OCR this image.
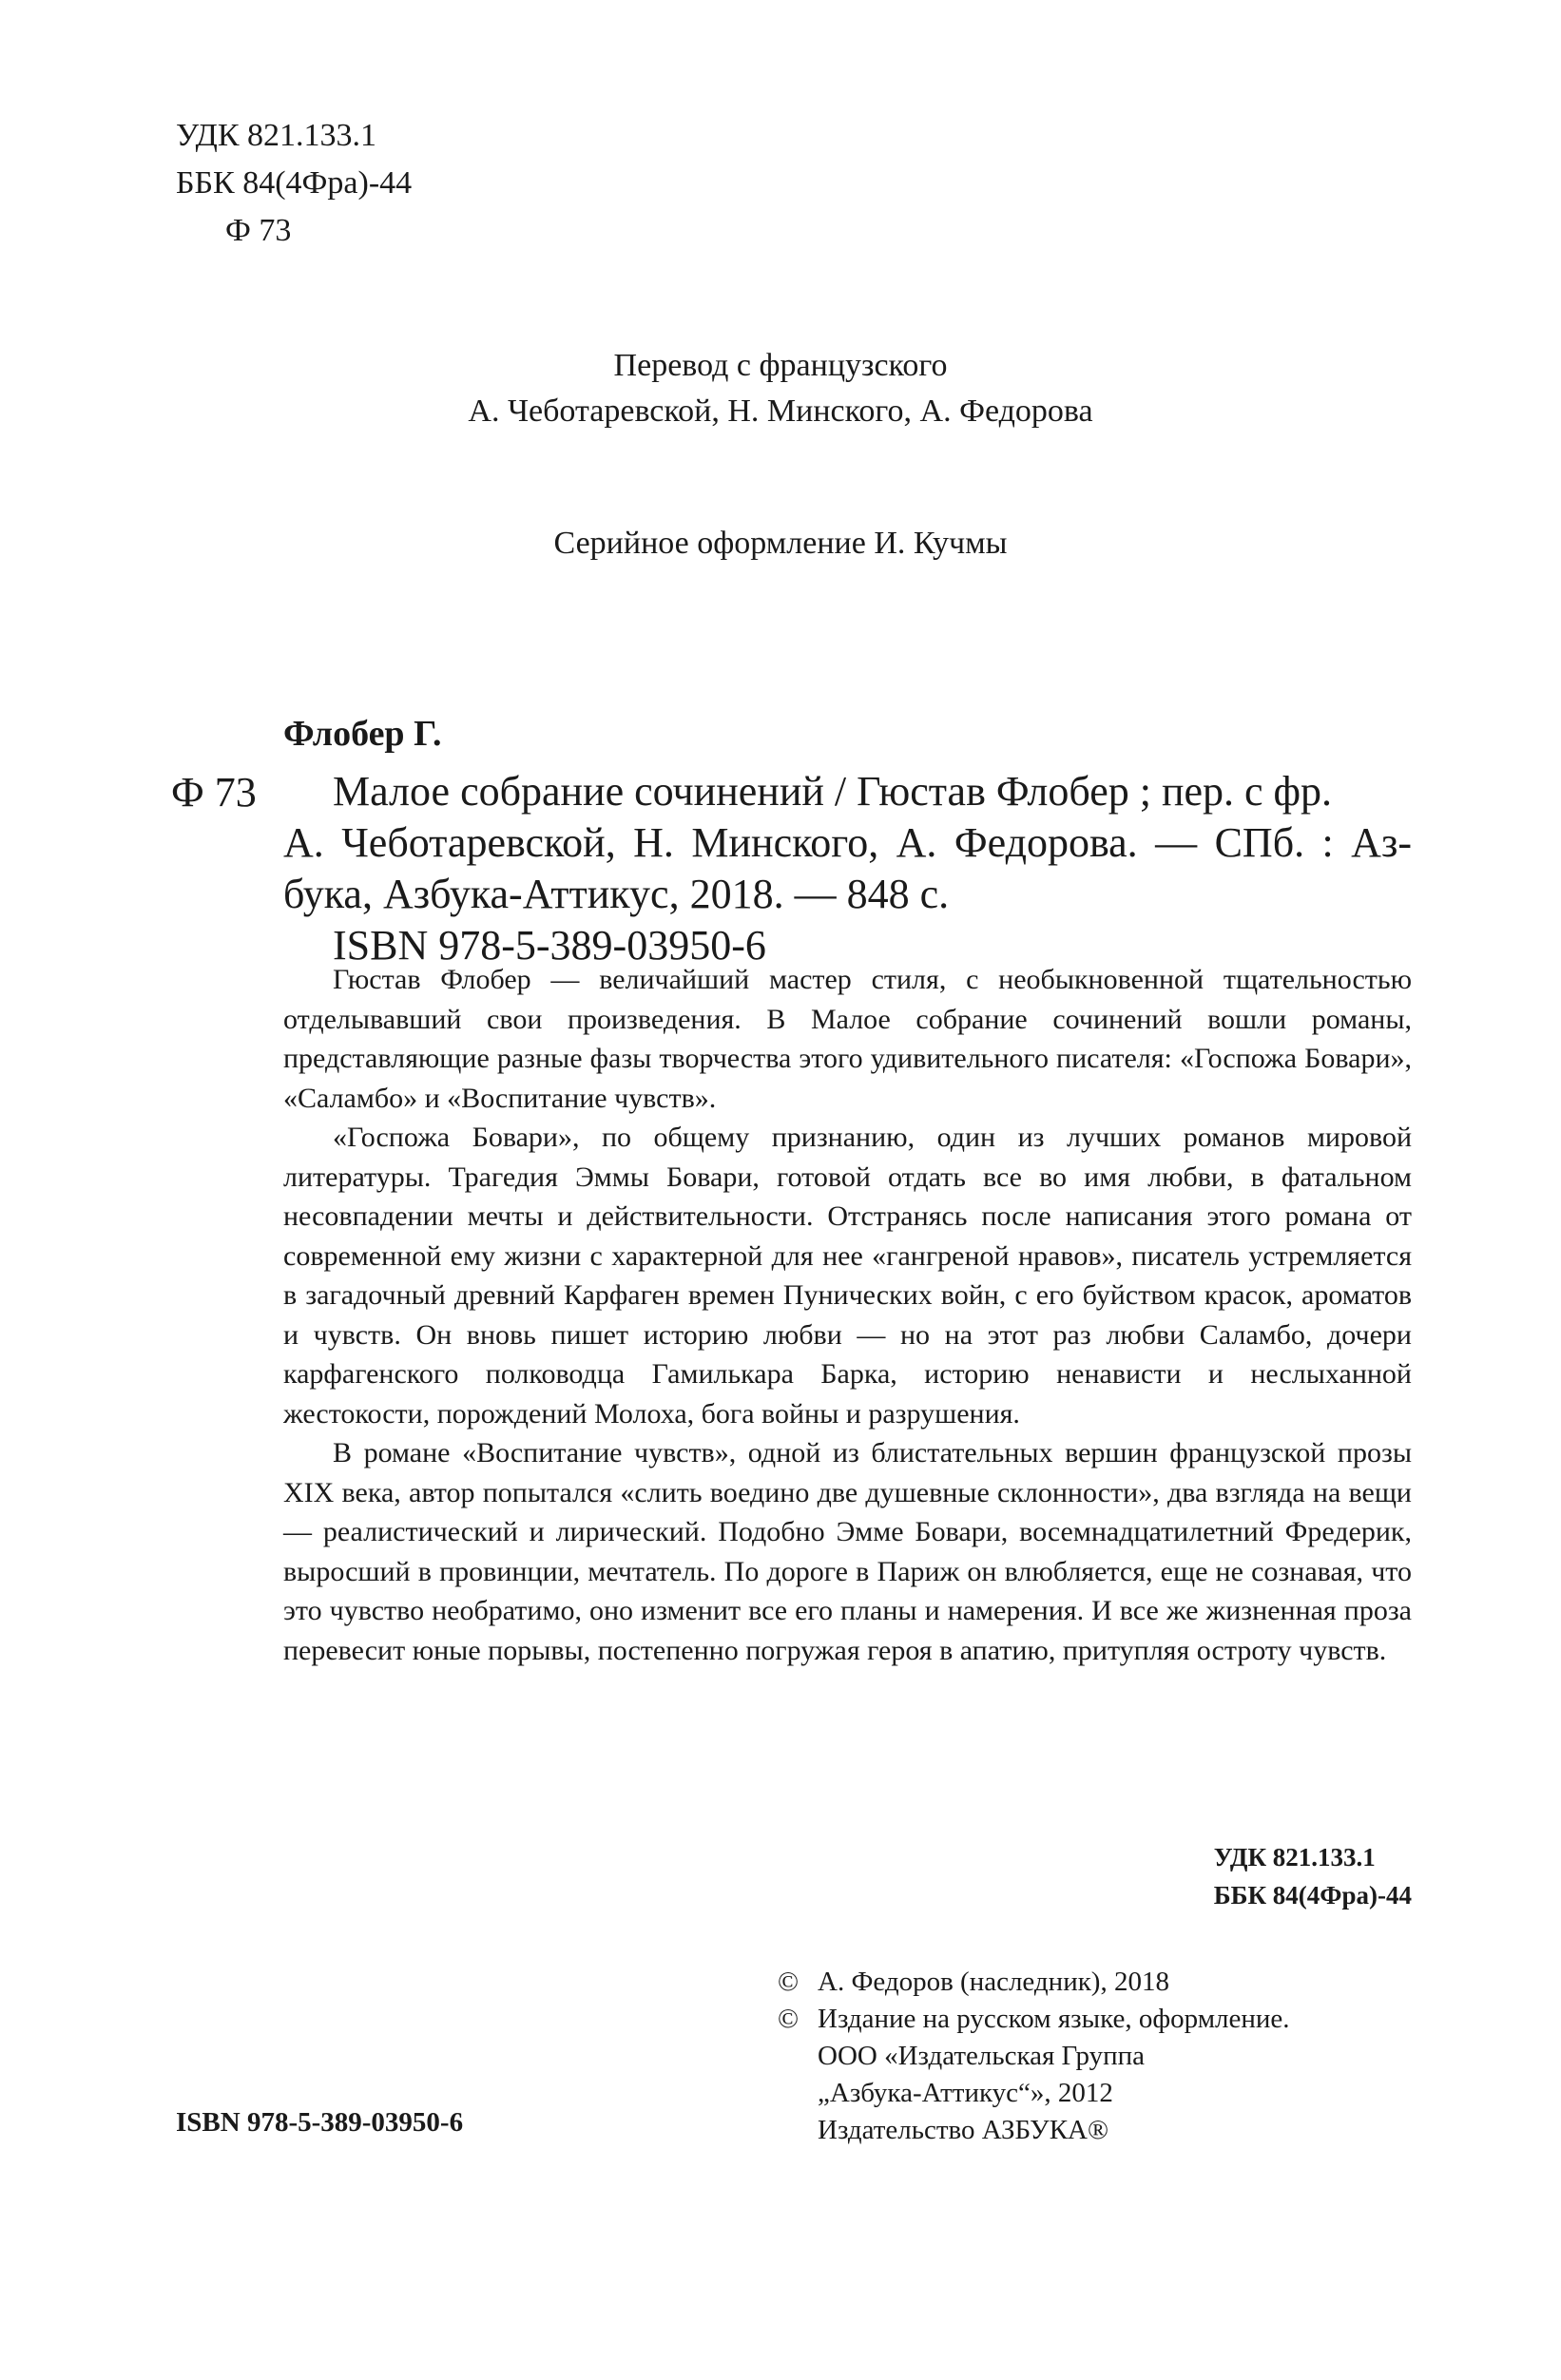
УДК 821.133.1
ББК 84(4Фра)-44
Ф 73
Перевод с французского
А. Чеботаревской, Н. Минского, А. Федорова
Серийное оформление И. Кучмы
Флобер Г.
Ф 73 Малое собрание сочинений / Гюстав Флобер ; пер. с фр.

А. Чеботаревской, Н. Минского, А. Федорова. — СПб. : Аз- бука, Азбука-Аттикус, 2018. — 848 с.
ISBN 978-5-389-03950-6

Гюстав Флобер — величайший мастер стиля, с необыкновенной тщательностью отделывавший свои произведения. В Малое собрание сочинений вошли романы, представляющие разные фазы творчества этого удивительного писателя: «Госпожа Бовари», «Саламбо» и «Воспитание чувств».

«Госпожа Бовари», по общему признанию, один из лучших романов мировой литературы. Трагедия Эммы Бовари, готовой отдать все во имя любви, в фатальном несовпадении мечты и действительности. Отстранясь после написания этого романа от современной ему жизни с характерной для нее «гангреной нравов», писатель устремляется в загадочный древний Карфаген времен Пунических войн, с его буйством красок, ароматов и чувств. Он вновь пишет историю любви — но на этот раз любви Саламбо, дочери карфагенского полководца Гамилькара Барка, историю ненависти и неслыханной жестокости, порождений Молоха, бога войны и разрушения.

В романе «Воспитание чувств», одной из блистательных вершин французской прозы XIX века, автор попытался «слить воедино две душевные склонности», два взгляда на вещи — реалистический и лирический. Подобно Эмме Бовари, восемнадцатилетний Фредерик, выросший в провинции, мечтатель. По дороге в Париж он влюбляется, еще не сознавая, что это чувство необратимо, оно изменит все его планы и намерения. И все же жизненная проза перевесит юные порывы, постепенно погружая героя в апатию, притупляя остроту чувств.

УДК 821.133.1
ББК 84(4Фра)-44
© А. Федоров (наследник), 2018
© Издание на русском языке, оформление.
ООО «Издательская Группа
„Азбука-Аттикус“», 2012
Издательство АЗБУКА®
ISBN 978-5-389-03950-6
